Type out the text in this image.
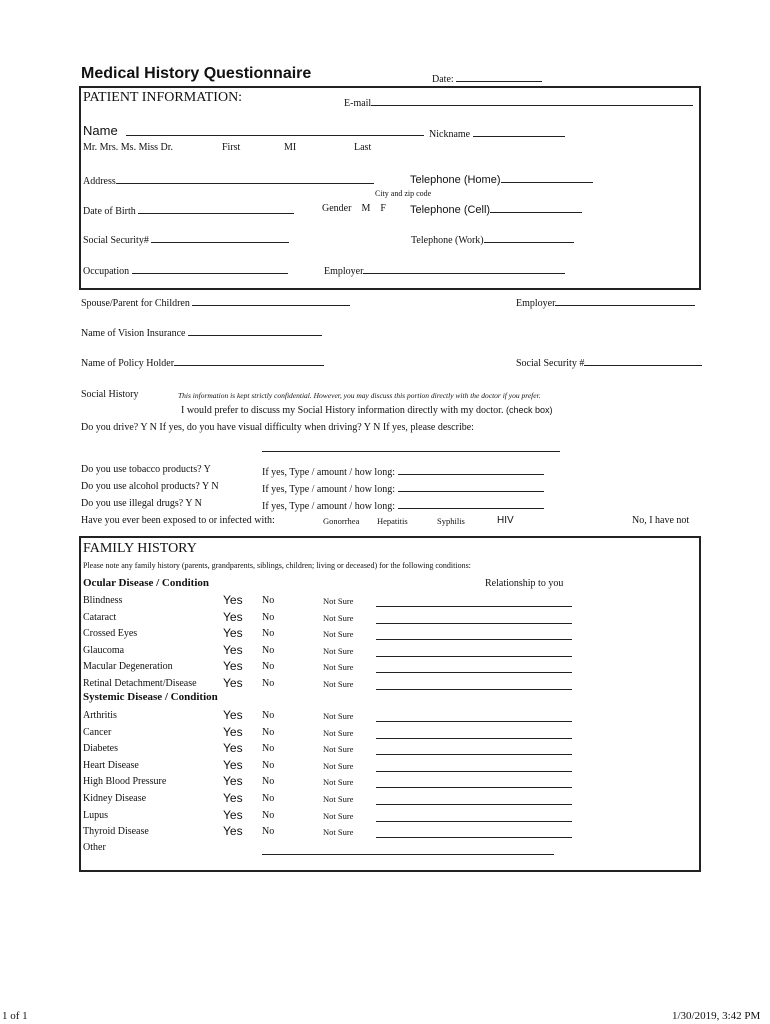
Medical History Questionnaire	Date:
PATIENT INFORMATION:	E-mail
Name	Nickname
Mr. Mrs. Ms. Miss Dr.	First	MI	Last
Address	Telephone (Home)
City and zip code
Date of Birth	Gender M F Telephone (Cell)
Social Security#	Telephone (Work)
Occupation	Employer
Spouse/Parent for Children	Employer
Name of Vision Insurance
Name of Policy Holder	Social Security #
Social History	This information is kept strictly confidential. However, you may discuss this portion directly with the doctor if you prefer.
I would prefer to discuss my Social History information directly with my doctor. (check box)
Do you drive? Y N If yes, do you have visual difficulty when driving? Y N If yes, please describe:
Do you use tobacco products? Y	If yes, Type / amount / how long:
Do you use alcohol products? Y N	If yes, Type / amount / how long:
Do you use illegal drugs? Y N	If yes, Type / amount / how long:
Have you ever been exposed to or infected with:	Gonorrhea Hepatitis	Syphilis	HIV	No, I have not
FAMILY HISTORY
Please note any family history (parents, grandparents, siblings, children; living or deceased) for the following conditions:
Ocular Disease / Condition	Relationship to you
Blindness	Yes No	Not Sure
Cataract	Yes No	Not Sure
Crossed Eyes	Yes No	Not Sure
Glaucoma	Yes No	Not Sure
Macular Degeneration	Yes No	Not Sure
Retinal Detachment/Disease Yes No	Not Sure
Systemic Disease / Condition
Arthritis	Yes No	Not Sure
Cancer	Yes No	Not Sure
Diabetes	Yes No	Not Sure
Heart Disease	Yes No	Not Sure
High Blood Pressure	Yes No	Not Sure
Kidney Disease	Yes No	Not Sure
Lupus	Yes No	Not Sure
Thyroid Disease	Yes No	Not Sure
Other
1 of 1	1/30/2019, 3:42 PM
